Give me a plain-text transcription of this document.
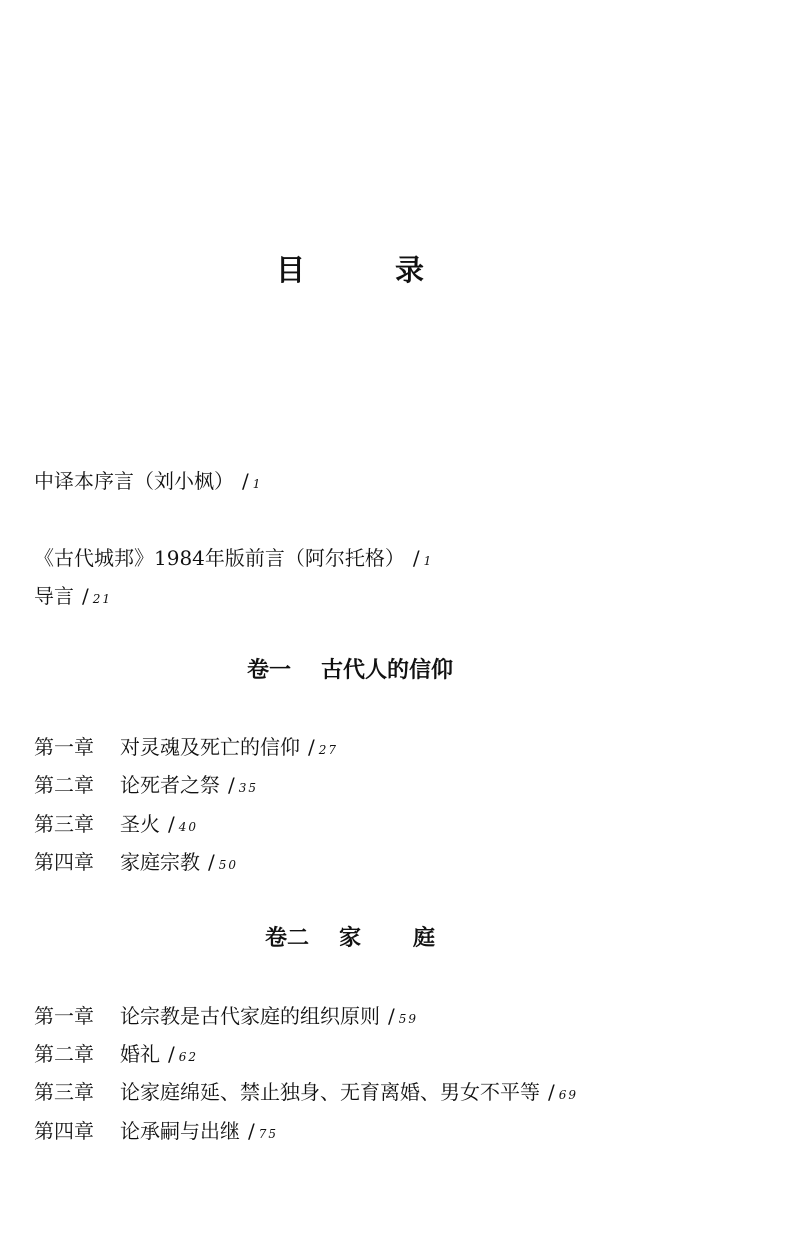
目 录
中译本序言（刘小枫） / 1
《古代城邦》1984年版前言（阿尔托格） / 1
导言 / 21
卷一 古代人的信仰
第一章 对灵魂及死亡的信仰 / 27
第二章 论死者之祭 / 35
第三章 圣火 / 40
第四章 家庭宗教 / 50
卷二 家 庭
第一章 论宗教是古代家庭的组织原则 / 59
第二章 婚礼 / 62
第三章 论家庭绵延、禁止独身、无育离婚、男女不平等 / 69
第四章 论承嗣与出继 / 75
